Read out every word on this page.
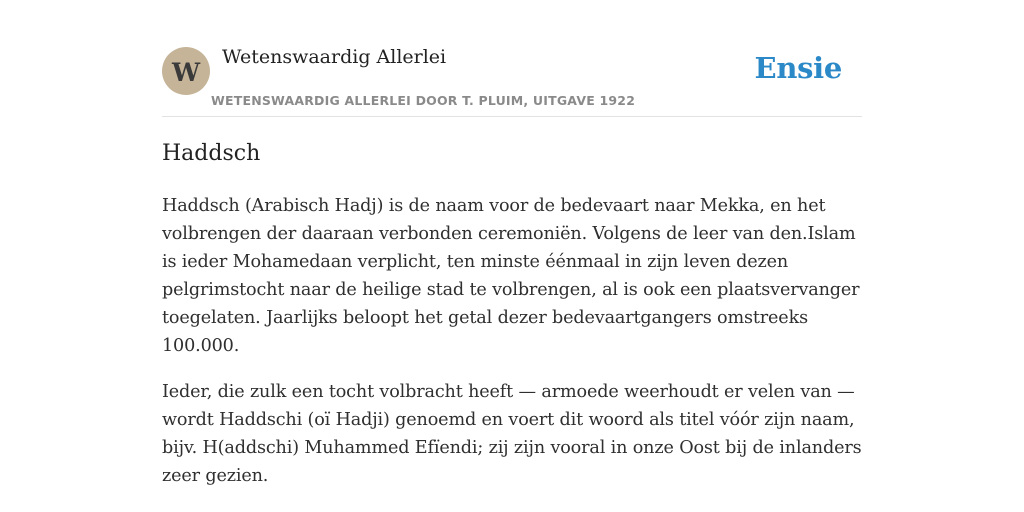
W
Wetenswaardig Allerlei
WETENSWAARDIG ALLERLEI DOOR T. PLUIM, UITGAVE 1922
Ensie
Haddsch

Haddsch (Arabisch Hadj) is de naam voor de bedevaart naar Mekka, en het volbrengen der daaraan verbonden ceremoniën. Volgens de leer van den.Islam is ieder Mohamedaan verplicht, ten minste éénmaal in zijn leven dezen pelgrimstocht naar de heilige stad te volbrengen, al is ook een plaatsvervanger toegelaten. Jaarlijks beloopt het getal dezer bedevaartgangers omstreeks 100.000.

Ieder, die zulk een tocht volbracht heeft — armoede weerhoudt er velen van — wordt Haddschi (oï Hadji) genoemd en voert dit woord als titel vóór zijn naam, bijv. H(addschi) Muhammed Efïendi; zij zijn vooral in onze Oost bij de inlanders zeer gezien.
